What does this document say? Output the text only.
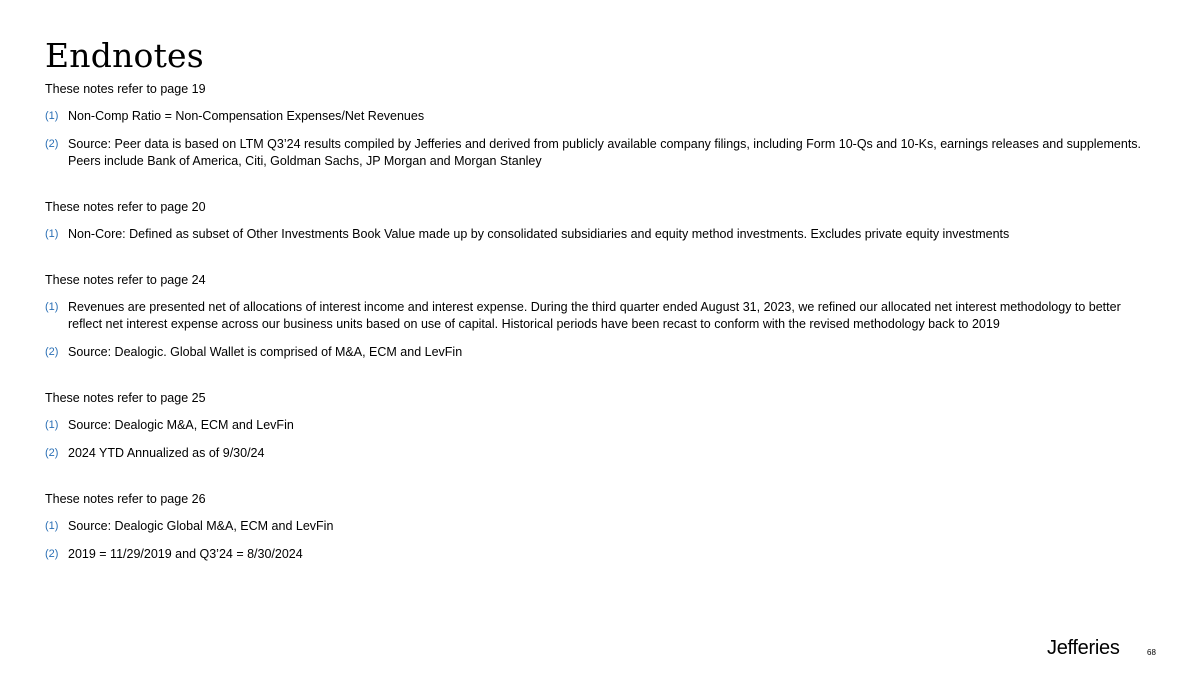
Endnotes
These notes refer to page 19
(1) Non-Comp Ratio = Non-Compensation Expenses/Net Revenues
(2) Source: Peer data is based on LTM Q3’24 results compiled by Jefferies and derived from publicly available company filings, including Form 10-Qs and 10-Ks, earnings releases and supplements. Peers include Bank of America, Citi, Goldman Sachs, JP Morgan and Morgan Stanley
These notes refer to page 20
(1) Non-Core: Defined as subset of Other Investments Book Value made up by consolidated subsidiaries and equity method investments. Excludes private equity investments
These notes refer to page 24
(1) Revenues are presented net of allocations of interest income and interest expense. During the third quarter ended August 31, 2023, we refined our allocated net interest methodology to better reflect net interest expense across our business units based on use of capital. Historical periods have been recast to conform with the revised methodology back to 2019
(2) Source: Dealogic. Global Wallet is comprised of M&A, ECM and LevFin
These notes refer to page 25
(1) Source: Dealogic M&A, ECM and LevFin
(2) 2024 YTD Annualized as of 9/30/24
These notes refer to page 26
(1) Source: Dealogic Global M&A, ECM and LevFin
(2) 2019 = 11/29/2019 and Q3’24 = 8/30/2024
Jefferies	68
